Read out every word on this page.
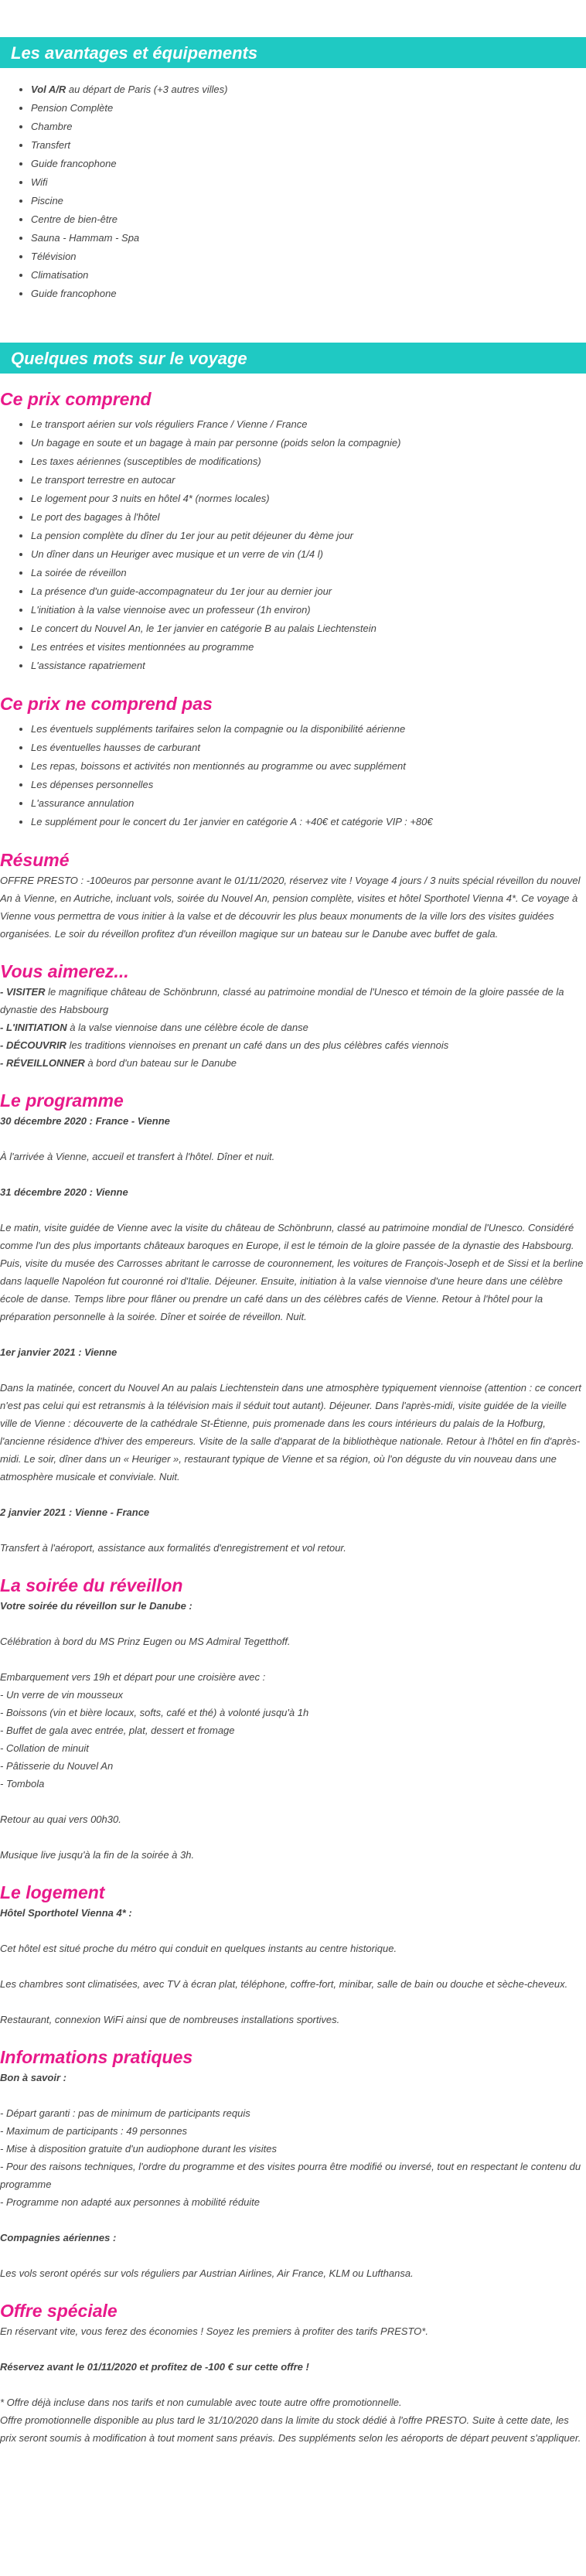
Les avantages et équipements
• Vol A/R au départ de Paris (+3 autres villes)
• Pension Complète
• Chambre
• Transfert
• Guide francophone
• Wifi
• Piscine
• Centre de bien-être
• Sauna - Hammam - Spa
• Télévision
• Climatisation
• Guide francophone
Quelques mots sur le voyage
Ce prix comprend
• Le transport aérien sur vols réguliers France / Vienne / France
• Un bagage en soute et un bagage à main par personne (poids selon la compagnie)
• Les taxes aériennes (susceptibles de modifications)
• Le transport terrestre en autocar
• Le logement pour 3 nuits en hôtel 4* (normes locales)
• Le port des bagages à l'hôtel
• La pension complète du dîner du 1er jour au petit déjeuner du 4ème jour
• Un dîner dans un Heuriger avec musique et un verre de vin (1/4 l)
• La soirée de réveillon
• La présence d'un guide-accompagnateur du 1er jour au dernier jour
• L'initiation à la valse viennoise avec un professeur (1h environ)
• Le concert du Nouvel An, le 1er janvier en catégorie B au palais Liechtenstein
• Les entrées et visites mentionnées au programme
• L'assistance rapatriement
Ce prix ne comprend pas
• Les éventuels suppléments tarifaires selon la compagnie ou la disponibilité aérienne
• Les éventuelles hausses de carburant
• Les repas, boissons et activités non mentionnés au programme ou avec supplément
• Les dépenses personnelles
• L'assurance annulation
• Le supplément pour le concert du 1er janvier en catégorie A : +40€ et catégorie VIP : +80€
Résumé

OFFRE PRESTO : -100euros par personne avant le 01/11/2020, réservez vite ! Voyage 4 jours / 3 nuits spécial réveillon du nouvel An à Vienne, en Autriche, incluant vols, soirée du Nouvel An, pension complète, visites et hôtel Sporthotel Vienna 4*. Ce voyage à Vienne vous permettra de vous initier à la valse et de découvrir les plus beaux monuments de la ville lors des visites guidées organisées. Le soir du réveillon profitez d'un réveillon magique sur un bateau sur le Danube avec buffet de gala.

Vous aimerez...

- VISITER le magnifique château de Schönbrunn, classé au patrimoine mondial de l'Unesco et témoin de la gloire passée de la dynastie des Habsbourg

- L'INITIATION à la valse viennoise dans une célèbre école de danse

- DÉCOUVRIR les traditions viennoises en prenant un café dans un des plus célèbres cafés viennois

- RÉVEILLONNER à bord d'un bateau sur le Danube

Le programme

30 décembre 2020 : France - Vienne

À l'arrivée à Vienne, accueil et transfert à l'hôtel. Dîner et nuit.

31 décembre 2020 : Vienne

Le matin, visite guidée de Vienne avec la visite du château de Schönbrunn, classé au patrimoine mondial de l'Unesco. Considéré comme l'un des plus importants châteaux baroques en Europe, il est le témoin de la gloire passée de la dynastie des Habsbourg. Puis, visite du musée des Carrosses abritant le carrosse de couronnement, les voitures de François-Joseph et de Sissi et la berline dans laquelle Napoléon fut couronné roi d'Italie. Déjeuner. Ensuite, initiation à la valse viennoise d'une heure dans une célèbre école de danse. Temps libre pour flâner ou prendre un café dans un des célèbres cafés de Vienne. Retour à l'hôtel pour la préparation personnelle à la soirée. Dîner et soirée de réveillon. Nuit.

1er janvier 2021 : Vienne

Dans la matinée, concert du Nouvel An au palais Liechtenstein dans une atmosphère typiquement viennoise (attention : ce concert n'est pas celui qui est retransmis à la télévision mais il séduit tout autant). Déjeuner. Dans l'après-midi, visite guidée de la vieille ville de Vienne : découverte de la cathédrale St-Étienne, puis promenade dans les cours intérieurs du palais de la Hofburg, l'ancienne résidence d'hiver des empereurs. Visite de la salle d'apparat de la bibliothèque nationale. Retour à l'hôtel en fin d'après-midi. Le soir, dîner dans un « Heuriger », restaurant typique de Vienne et sa région, où l'on déguste du vin nouveau dans une atmosphère musicale et conviviale. Nuit.

2 janvier 2021 : Vienne - France

Transfert à l'aéroport, assistance aux formalités d'enregistrement et vol retour.

La soirée du réveillon

Votre soirée du réveillon sur le Danube :

Célébration à bord du MS Prinz Eugen ou MS Admiral Tegetthoff.

Embarquement vers 19h et départ pour une croisière avec :

- Un verre de vin mousseux

- Boissons (vin et bière locaux, softs, café et thé) à volonté jusqu'à 1h

- Buffet de gala avec entrée, plat, dessert et fromage

- Collation de minuit

- Pâtisserie du Nouvel An

- Tombola

Retour au quai vers 00h30.

Musique live jusqu'à la fin de la soirée à 3h.

Le logement

Hôtel Sporthotel Vienna 4* :

Cet hôtel est situé proche du métro qui conduit en quelques instants au centre historique.

Les chambres sont climatisées, avec TV à écran plat, téléphone, coffre-fort, minibar, salle de bain ou douche et sèche-cheveux.

Restaurant, connexion WiFi ainsi que de nombreuses installations sportives.

Informations pratiques

Bon à savoir :

- Départ garanti : pas de minimum de participants requis

- Maximum de participants : 49 personnes

- Mise à disposition gratuite d'un audiophone durant les visites

- Pour des raisons techniques, l'ordre du programme et des visites pourra être modifié ou inversé, tout en respectant le contenu du programme

- Programme non adapté aux personnes à mobilité réduite

Compagnies aériennes :

Les vols seront opérés sur vols réguliers par Austrian Airlines, Air France, KLM ou Lufthansa.

Offre spéciale

En réservant vite, vous ferez des économies ! Soyez les premiers à profiter des tarifs PRESTO*.

Réservez avant le 01/11/2020 et profitez de -100 € sur cette offre !

* Offre déjà incluse dans nos tarifs et non cumulable avec toute autre offre promotionnelle.

Offre promotionnelle disponible au plus tard le 31/10/2020 dans la limite du stock dédié à l'offre PRESTO. Suite à cette date, les prix seront soumis à modification à tout moment sans préavis. Des suppléments selon les aéroports de départ peuvent s'appliquer.
